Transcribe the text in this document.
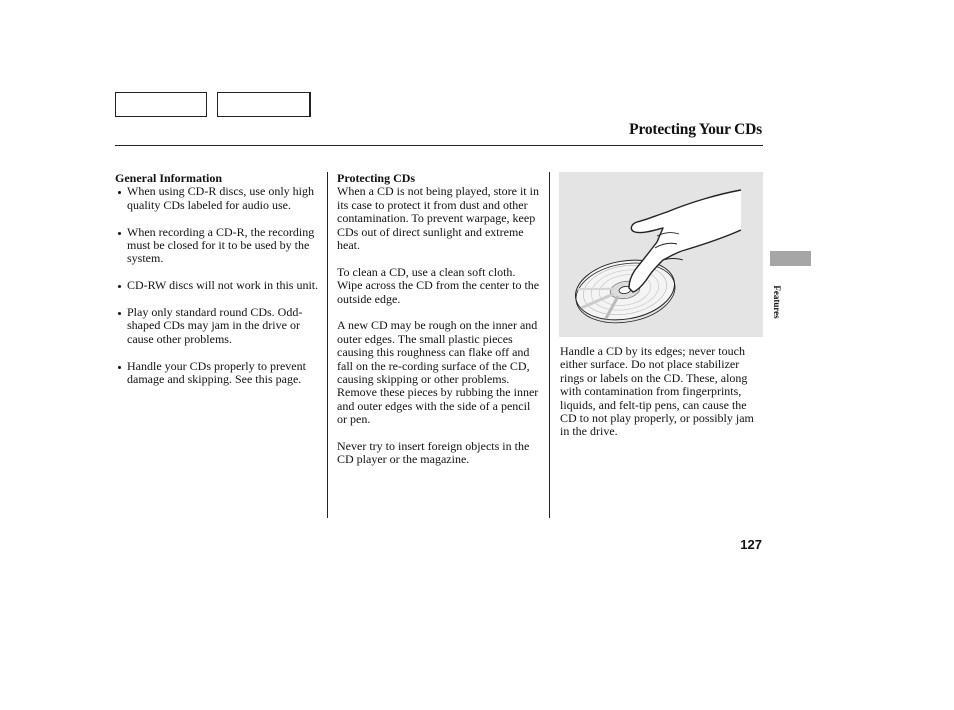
Protecting Your CDs
General Information
When using CD-R discs, use only high quality CDs labeled for audio use.
When recording a CD-R, the recording must be closed for it to be used by the system.
CD-RW discs will not work in this unit.
Play only standard round CDs. Odd-shaped CDs may jam in the drive or cause other problems.
Handle your CDs properly to prevent damage and skipping. See this page.
Protecting CDs

When a CD is not being played, store it in its case to protect it from dust and other contamination. To prevent warpage, keep CDs out of direct sunlight and extreme heat.

To clean a CD, use a clean soft cloth. Wipe across the CD from the center to the outside edge.

A new CD may be rough on the inner and outer edges. The small plastic pieces causing this roughness can flake off and fall on the re-cording surface of the CD, causing skipping or other problems. Remove these pieces by rubbing the inner and outer edges with the side of a pencil or pen.

Never try to insert foreign objects in the CD player or the magazine.

Handle a CD by its edges; never touch either surface. Do not place stabilizer rings or labels on the CD. These, along with contamination from fingerprints, liquids, and felt-tip pens, can cause the CD to not play properly, or possibly jam in the drive.
Features
127
